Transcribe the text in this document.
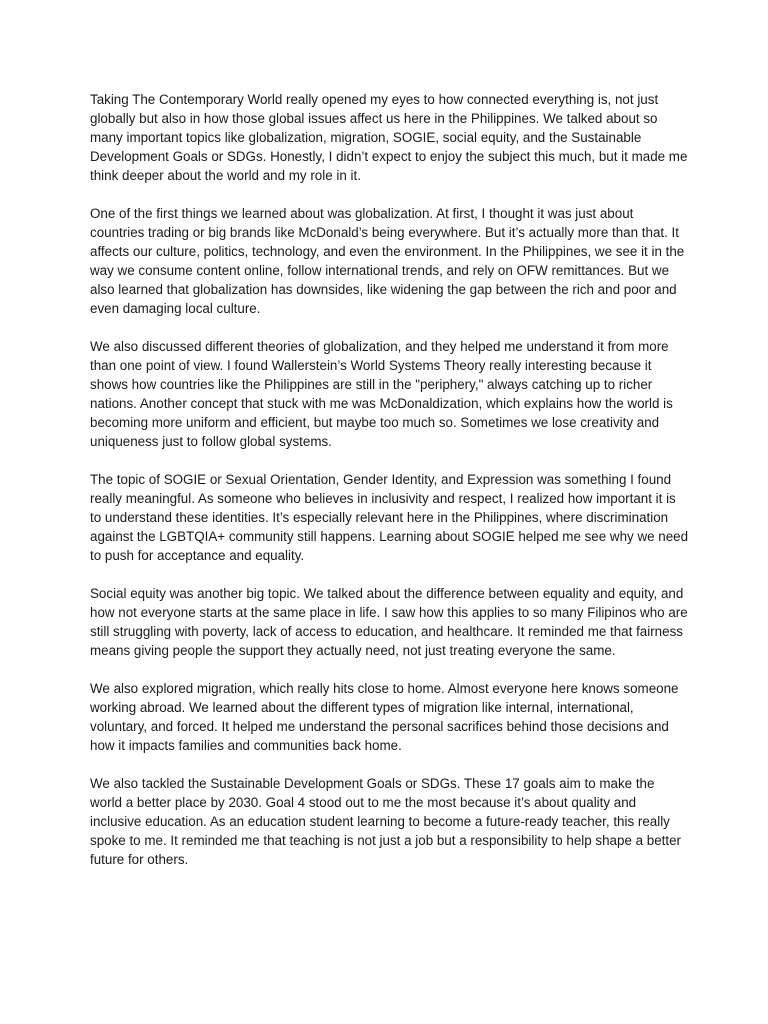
Taking The Contemporary World really opened my eyes to how connected everything is, not just globally but also in how those global issues affect us here in the Philippines. We talked about so many important topics like globalization, migration, SOGIE, social equity, and the Sustainable Development Goals or SDGs. Honestly, I didn’t expect to enjoy the subject this much, but it made me think deeper about the world and my role in it.

One of the first things we learned about was globalization. At first, I thought it was just about countries trading or big brands like McDonald’s being everywhere. But it’s actually more than that. It affects our culture, politics, technology, and even the environment. In the Philippines, we see it in the way we consume content online, follow international trends, and rely on OFW remittances. But we also learned that globalization has downsides, like widening the gap between the rich and poor and even damaging local culture.

We also discussed different theories of globalization, and they helped me understand it from more than one point of view. I found Wallerstein’s World Systems Theory really interesting because it shows how countries like the Philippines are still in the "periphery," always catching up to richer nations. Another concept that stuck with me was McDonaldization, which explains how the world is becoming more uniform and efficient, but maybe too much so. Sometimes we lose creativity and uniqueness just to follow global systems.

The topic of SOGIE or Sexual Orientation, Gender Identity, and Expression was something I found really meaningful. As someone who believes in inclusivity and respect, I realized how important it is to understand these identities. It’s especially relevant here in the Philippines, where discrimination against the LGBTQIA+ community still happens. Learning about SOGIE helped me see why we need to push for acceptance and equality.

Social equity was another big topic. We talked about the difference between equality and equity, and how not everyone starts at the same place in life. I saw how this applies to so many Filipinos who are still struggling with poverty, lack of access to education, and healthcare. It reminded me that fairness means giving people the support they actually need, not just treating everyone the same.

We also explored migration, which really hits close to home. Almost everyone here knows someone working abroad. We learned about the different types of migration like internal, international, voluntary, and forced. It helped me understand the personal sacrifices behind those decisions and how it impacts families and communities back home.

We also tackled the Sustainable Development Goals or SDGs. These 17 goals aim to make the world a better place by 2030. Goal 4 stood out to me the most because it’s about quality and inclusive education. As an education student learning to become a future-ready teacher, this really spoke to me. It reminded me that teaching is not just a job but a responsibility to help shape a better future for others.
